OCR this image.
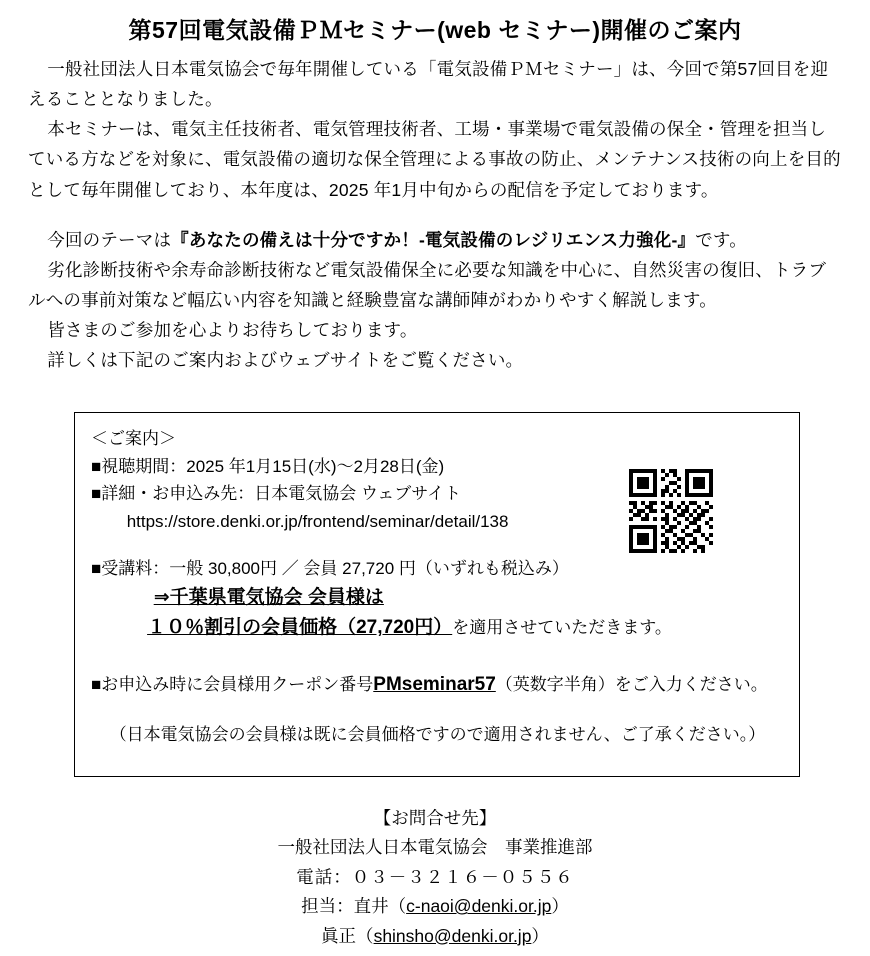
第57回電気設備ＰＭセミナー(web セミナー)開催のご案内

一般社団法人日本電気協会で毎年開催している「電気設備ＰＭセミナー」は、今回で第57回目を迎えることとなりました。

本セミナーは、電気主任技術者、電気管理技術者、工場・事業場で電気設備の保全・管理を担当している方などを対象に、電気設備の適切な保全管理による事故の防止、メンテナンス技術の向上を目的として毎年開催しており、本年度は、2025 年1月中旬からの配信を予定しております。

今回のテーマは『あなたの備えは十分ですか！-電気設備のレジリエンス力強化-』です。

劣化診断技術や余寿命診断技術など電気設備保全に必要な知識を中心に、自然災害の復旧、トラブルへの事前対策など幅広い内容を知識と経験豊富な講師陣がわかりやすく解説します。

皆さまのご参加を心よりお待ちしております。

詳しくは下記のご案内およびウェブサイトをご覧ください。

＜ご案内＞

■視聴期間：2025 年1月15日(水)～2月28日(金)

■詳細・お申込み先：日本電気協会 ウェブサイト

https://store.denki.or.jp/frontend/seminar/detail/138

■受講料：一般 30,800円 ／ 会員 27,720 円（いずれも税込み）

⇒千葉県電気協会 会員様は

１０％割引の会員価格（27,720円）を適用させていただきます。

■お申込み時に会員様用クーポン番号PMseminar57（英数字半角）をご入力ください。

（日本電気協会の会員様は既に会員価格ですので適用されません、ご了承ください。）

【お問合せ先】

一般社団法人日本電気協会　事業推進部

電話：０３－３２１６－０５５６

担当：直井（c-naoi@denki.or.jp）

眞正（shinsho@denki.or.jp）
